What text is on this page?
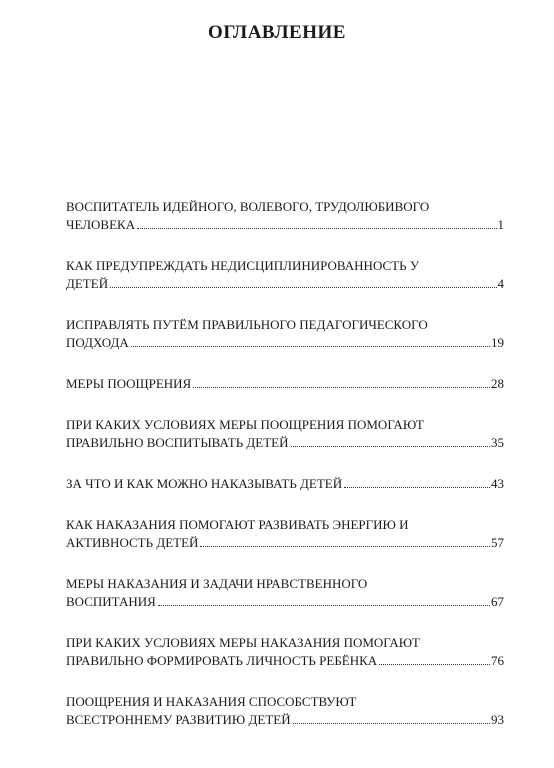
ОГЛАВЛЕНИЕ
ВОСПИТАТЕЛЬ ИДЕЙНОГО, ВОЛЕВОГО, ТРУДОЛЮБИВОГО
ЧЕЛОВЕКА	1
КАК ПРЕДУПРЕЖДАТЬ НЕДИСЦИПЛИНИРОВАННОСТЬ У
ДЕТЕЙ	4
ИСПРАВЛЯТЬ ПУТЁМ ПРАВИЛЬНОГО ПЕДАГОГИЧЕСКОГО
ПОДХОДА	19
МЕРЫ ПООЩРЕНИЯ	28
ПРИ КАКИХ УСЛОВИЯХ МЕРЫ ПООЩРЕНИЯ ПОМОГАЮТ
ПРАВИЛЬНО ВОСПИТЫВАТЬ ДЕТЕЙ	35
ЗА ЧТО И КАК МОЖНО НАКАЗЫВАТЬ ДЕТЕЙ	43
КАК НАКАЗАНИЯ ПОМОГАЮТ РАЗВИВАТЬ ЭНЕРГИЮ И
АКТИВНОСТЬ ДЕТЕЙ	57
МЕРЫ НАКАЗАНИЯ И ЗАДАЧИ НРАВСТВЕННОГО
ВОСПИТАНИЯ	67
ПРИ КАКИХ УСЛОВИЯХ МЕРЫ НАКАЗАНИЯ ПОМОГАЮТ
ПРАВИЛЬНО ФОРМИРОВАТЬ ЛИЧНОСТЬ РЕБЁНКА	76
ПООЩРЕНИЯ И НАКАЗАНИЯ СПОСОБСТВУЮТ
ВСЕСТРОННЕМУ РАЗВИТИЮ ДЕТЕЙ	93
